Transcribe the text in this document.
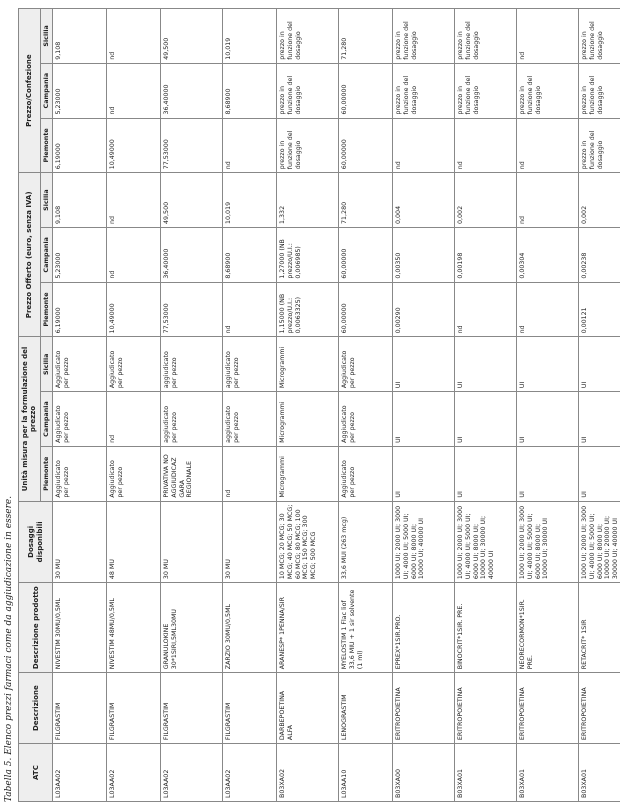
Tabella 5. Elenco prezzi farmaci come da aggiudicazione in essere.	ATC	Descrizione	Descrizione prodotto	Dosaggi disponibili	Unità misura per la formulazione del prezzo			Prezzo Offerto (euro, senza IVA)			Prezzo/Confezione		
				Piemonte	Campania	Sicilia	Piemonte	Campania	Sicilia	Piemonte	Campania	Sicilia
L03AA02	FILGRASTIM	NIVESTIM 30MU/0,5ML	30 MU	Aggiudicato per pezzo	Aggiudicato per pezzo	Aggiudicato per pezzo	6,19000	5,23000	9,108	6,19000	5,23000	9,108
L03AA02	FILGRASTIM	NIVESTIM 48MU/0,5ML	48 MU	Aggiudicato per pezzo	nd	Aggiudicato per pezzo	10,49000	nd	nd	10,49000	nd	nd
L03AA02	FILGRASTIM	GRANULOKINE 30*1SIRI,5ML30MU	30 MU	PRIVATIVA NO AGGIUDICAZ GARA REGIONALE	aggiudicato per pezzo	aggiudicato per pezzo	77,53000	36,40000	49,500	77,53000	36,40000	49,500
L03AA02	FILGRASTIM	ZARZIO 30MU/0,5ML	30 MU	nd	aggiudicato per pezzo	aggiudicato per pezzo	nd	8,68900	10,019	nd	8,68900	10,019
B03XA02	DARBEPOETINA ALFA	ARANESP* 1PENNA/SIR	10 MCG; 20 MCG; 30 MCG; 40 MCG; 50 MCG; 60 MCG; 80 MCG; 100 MCG; 150 MCG; 300 MCG; 500 MCG	Microgrammi	Microgrammi	Microgrammi	1,15000 (NB prezzo/U.I.: 0,0063325)	1,27000 (NB prezzo/U.I.: 0,006985)	1,332	prezzo in funzione del dosaggio	prezzo in funzione del dosaggio	prezzo in funzione del dosaggio
L03AA10	LENOGRASTIM	MYELOSTIM 1 Flac liof 33,6 MIU + 1 sir solvente (1 ml)	33,6 MUI (263 mcg)	Aggiudicato per pezzo	Aggiudicato per pezzo	Aggiudicato per pezzo	60,00000	60,00000	71,280	60,00000	60,00000	71,280
B03XA00	ERITROPOIETINA	EPREX*1SIR.PRO.	1000 UI; 2000 UI; 3000 UI; 4000 UI; 5000 UI; 6000 UI; 8000 UI; 10000 UI; 40000 UI	UI	UI	UI	0,00290	0,00350	0,004	nd	prezzo in funzione del dosaggio	prezzo in funzione del dosaggio
B03XA01	ERITROPOIETINA	BINOCRIT*1SIR. PRE.	1000 UI; 2000 UI; 3000 UI; 4000 UI; 5000 UI; 6000 UI; 8000 UI; 10000 UI; 30000 UI; 40000 UI	UI	UI	UI	nd	0,00198	0,002	nd	prezzo in funzione del dosaggio	prezzo in funzione del dosaggio
B03XA01	ERITROPOIETINA	NEORECORMON*1SIR. PRE.	1000 UI; 2000 UI; 3000 UI; 4000 UI; 5000 UI; 6000 UI; 8000 UI; 10000 UI; 30000 UI	UI	UI	UI	nd	0,00304	nd	nd	prezzo in funzione del dosaggio	nd
B03XA01	ERITROPOIETINA	RETACRIT* 1SIR	1000 UI; 2000 UI; 3000 UI; 4000 UI; 5000 UI; 6000 UI; 8000 UI; 10000 UI; 20000 UI; 30000 UI; 40000 UI	UI	UI	UI	0,00121	0,00238	0,002	prezzo in funzione del dosaggio	prezzo in funzione del dosaggio	prezzo in funzione del dosaggio
